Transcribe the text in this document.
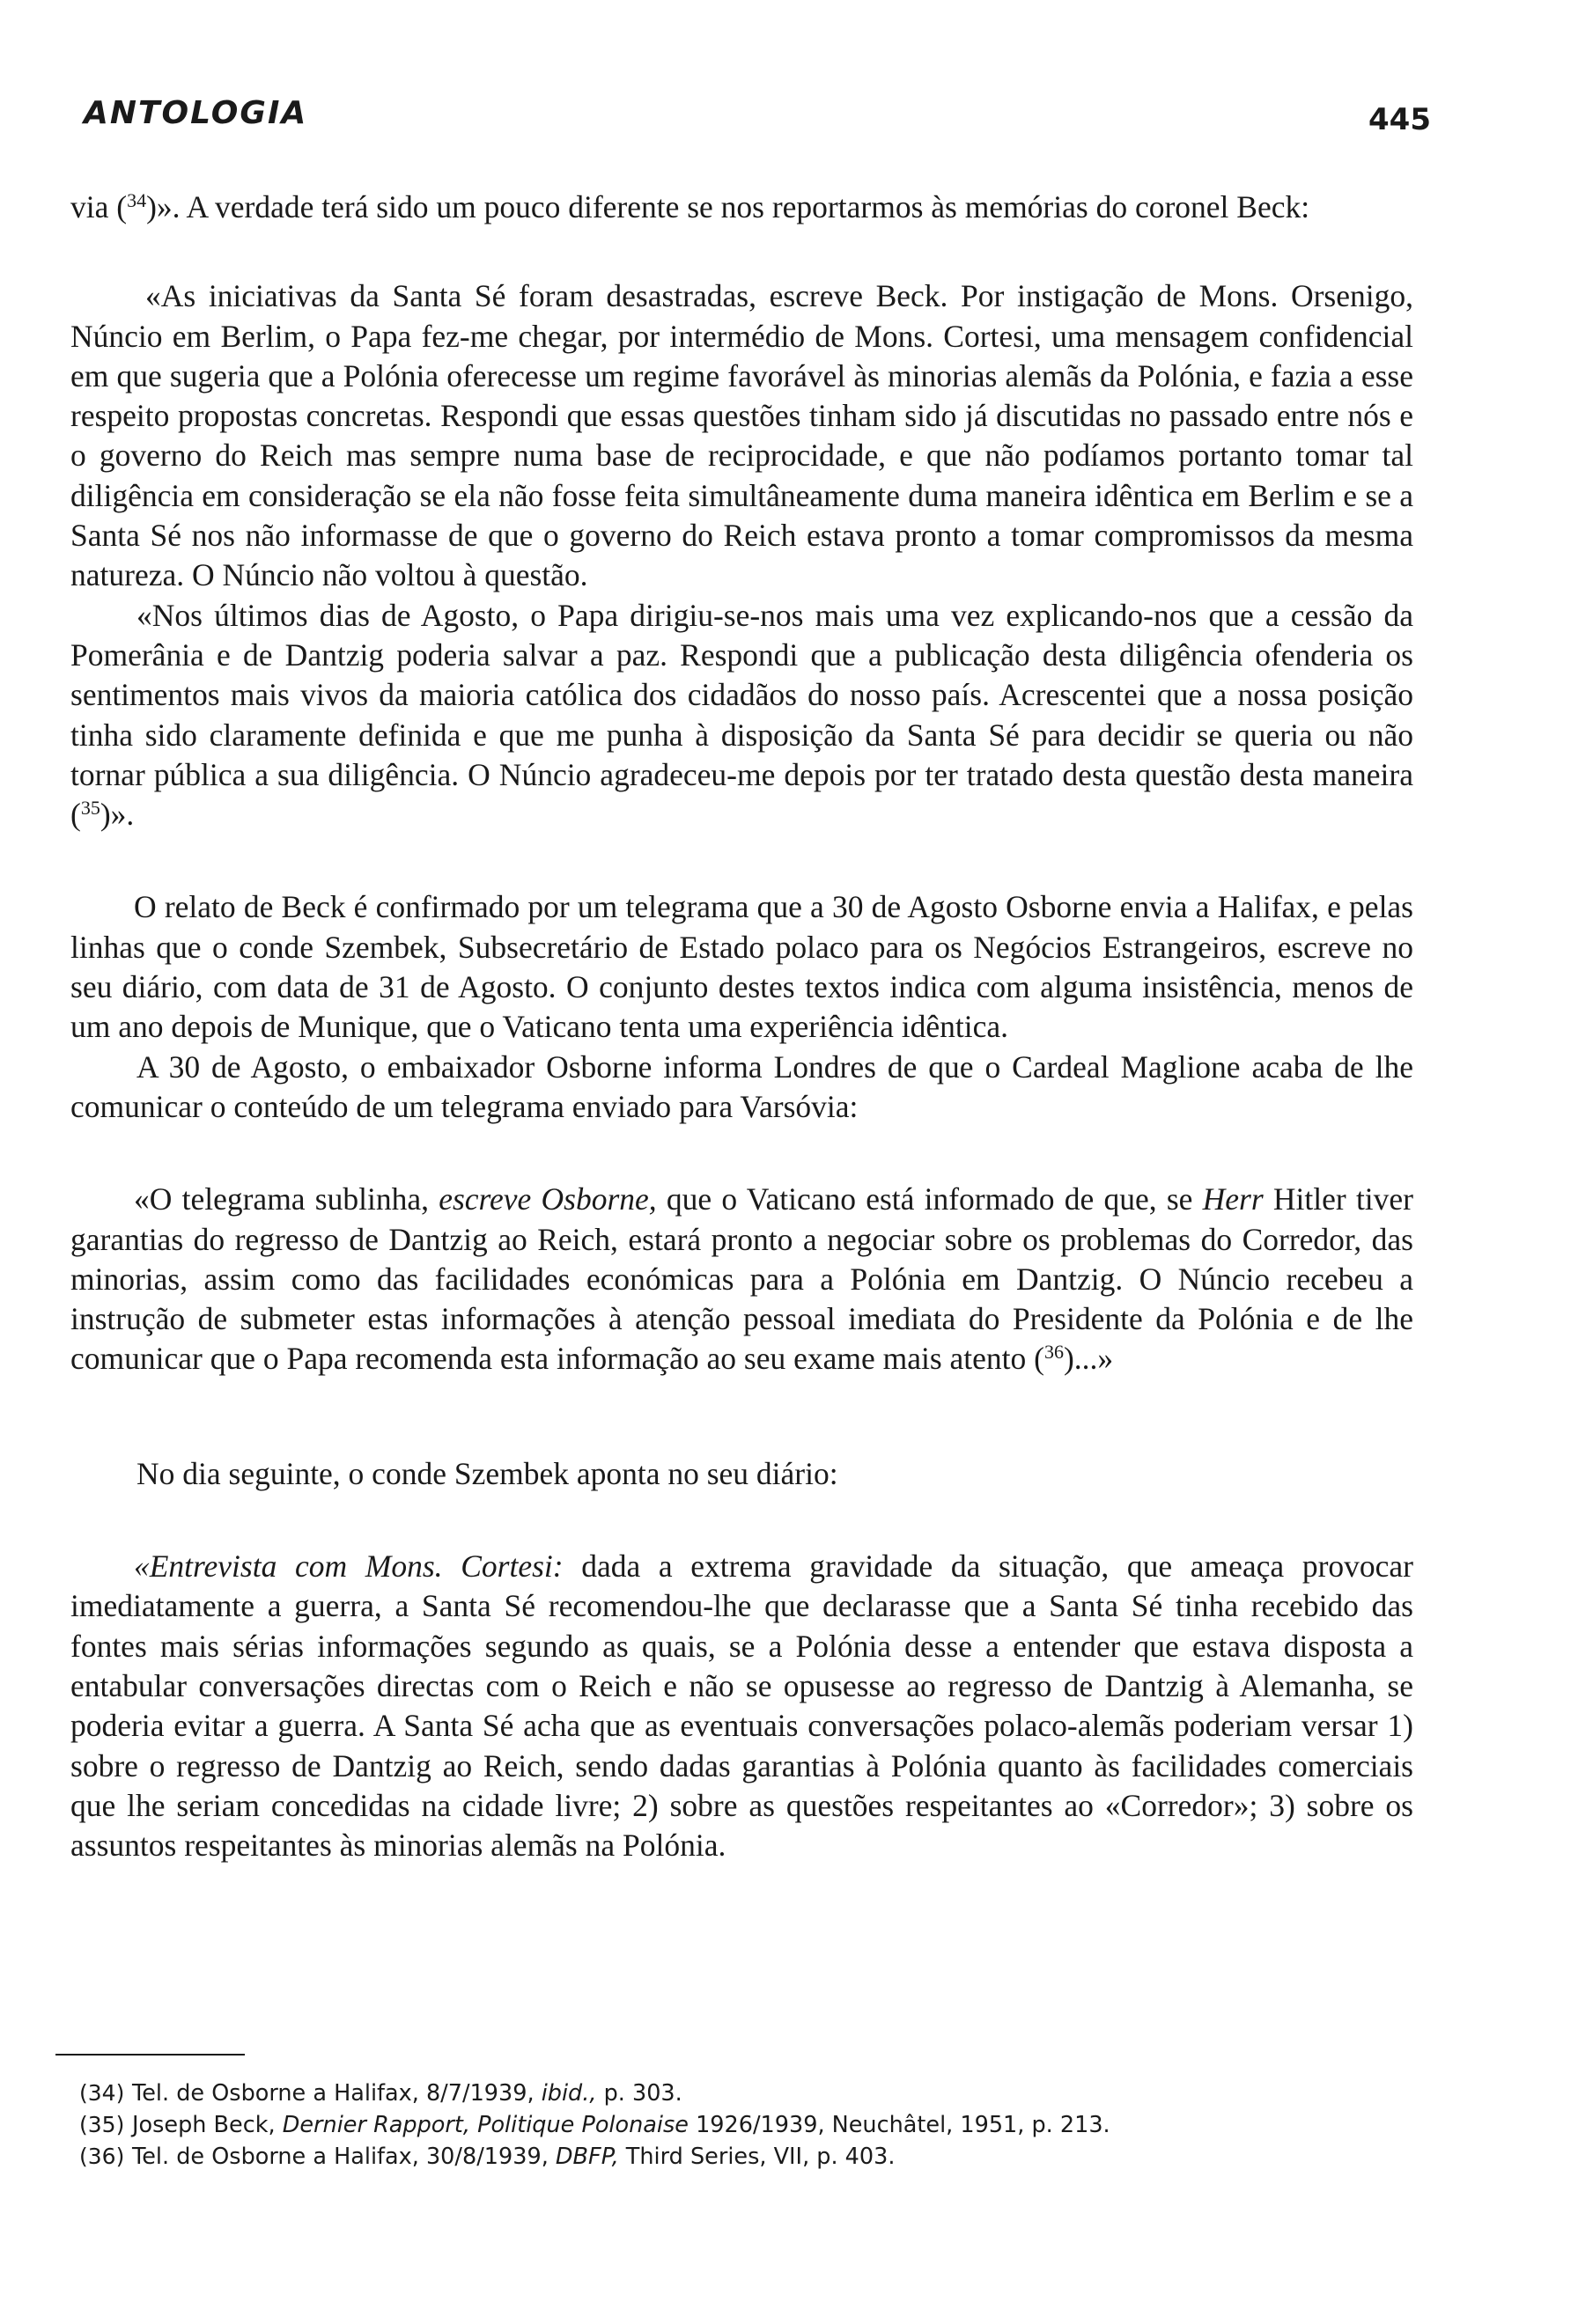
ANTOLOGIA	445

via ($^{34}$)». A verdade terá sido um pouco diferente se nos reportarmos às memórias do coronel Beck:

«As iniciativas da Santa Sé foram desastradas, escreve Beck. Por instigação de Mons. Orsenigo, Núncio em Berlim, o Papa fez-me chegar, por intermédio de Mons. Cortesi, uma mensagem confidencial em que sugeria que a Polónia oferecesse um regime favorável às minorias alemãs da Polónia, e fazia a esse respeito propostas concretas. Respondi que essas questões tinham sido já discutidas no passado entre nós e o governo do Reich mas sempre numa base de reciprocidade, e que não podíamos portanto tomar tal diligência em consideração se ela não fosse feita simultâneamente duma maneira idêntica em Berlim e se a Santa Sé nos não informasse de que o governo do Reich estava pronto a tomar compromissos da mesma natureza. O Núncio não voltou à questão.

«Nos últimos dias de Agosto, o Papa dirigiu-se-nos mais uma vez explicando-nos que a cessão da Pomerânia e de Dantzig poderia salvar a paz. Respondi que a publicação desta diligência ofenderia os sentimentos mais vivos da maioria católica dos cidadãos do nosso país. Acrescentei que a nossa posição tinha sido claramente definida e que me punha à disposição da Santa Sé para decidir se queria ou não tornar pública a sua diligência. O Núncio agradeceu-me depois por ter tratado desta questão desta maneira ($^{35}$)».

O relato de Beck é confirmado por um telegrama que a 30 de Agosto Osborne envia a Halifax, e pelas linhas que o conde Szembek, Subsecretário de Estado polaco para os Negócios Estrangeiros, escreve no seu diário, com data de 31 de Agosto. O conjunto destes textos indica com alguma insistência, menos de um ano depois de Munique, que o Vaticano tenta uma experiência idêntica.

A 30 de Agosto, o embaixador Osborne informa Londres de que o Cardeal Maglione acaba de lhe comunicar o conteúdo de um telegrama enviado para Varsóvia:

«O telegrama sublinha, escreve Osborne, que o Vaticano está informado de que, se Herr Hitler tiver garantias do regresso de Dantzig ao Reich, estará pronto a negociar sobre os problemas do Corredor, das minorias, assim como das facilidades económicas para a Polónia em Dantzig. O Núncio recebeu a instrução de submeter estas informações à atenção pessoal imediata do Presidente da Polónia e de lhe comunicar que o Papa recomenda esta informação ao seu exame mais atento ($^{36}$)...»

No dia seguinte, o conde Szembek aponta no seu diário:

«Entrevista com Mons. Cortesi: dada a extrema gravidade da situação, que ameaça provocar imediatamente a guerra, a Santa Sé recomendou-lhe que declarasse que a Santa Sé tinha recebido das fontes mais sérias informações segundo as quais, se a Polónia desse a entender que estava disposta a entabular conversações directas com o Reich e não se opusesse ao regresso de Dantzig à Alemanha, se poderia evitar a guerra. A Santa Sé acha que as eventuais conversações polaco-alemãs poderiam versar 1) sobre o regresso de Dantzig ao Reich, sendo dadas garantias à Polónia quanto às facilidades comerciais que lhe seriam concedidas na cidade livre; 2) sobre as questões respeitantes ao «Corredor»; 3) sobre os assuntos respeitantes às minorias alemãs na Polónia.

(34) Tel. de Osborne a Halifax, 8/7/1939, ibid., p. 303.
(35) Joseph Beck, Dernier Rapport, Politique Polonaise 1926/1939, Neuchâtel, 1951, p. 213.
(36) Tel. de Osborne a Halifax, 30/8/1939, DBFP, Third Series, VII, p. 403.
